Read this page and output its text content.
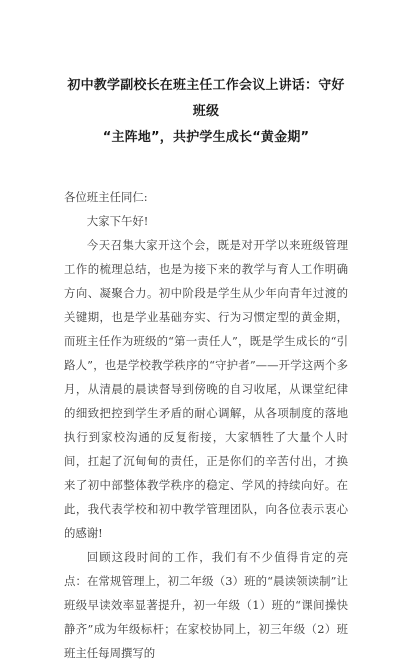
初中教学副校长在班主任工作会议上讲话：守好班级
“主阵地”，共护学生成长“黄金期”
各位班主任同仁:

大家下午好!

今天召集大家开这个会，既是对开学以来班级管理工作的梳理总结，也是为接下来的教学与育人工作明确方向、凝聚合力。初中阶段是学生从少年向青年过渡的关键期，也是学业基础夯实、行为习惯定型的黄金期，而班主任作为班级的“第一责任人”，既是学生成长的“引路人”，也是学校教学秩序的“守护者”——开学这两个多月，从清晨的晨读督导到傍晚的自习收尾，从课堂纪律的细致把控到学生矛盾的耐心调解，从各项制度的落地执行到家校沟通的反复衔接，大家牺牲了大量个人时间，扛起了沉甸甸的责任，正是你们的辛苦付出，才换来了初中部整体教学秩序的稳定、学风的持续向好。在此，我代表学校和初中教学管理团队，向各位表示衷心的感谢!

回顾这段时间的工作，我们有不少值得肯定的亮点：在常规管理上，初二年级（3）班的“晨读领读制”让班级早读效率显著提升，初一年级（1）班的“课间操快静齐”成为年级标杆；在家校协同上，初三年级（2）班班主任每周撰写的
